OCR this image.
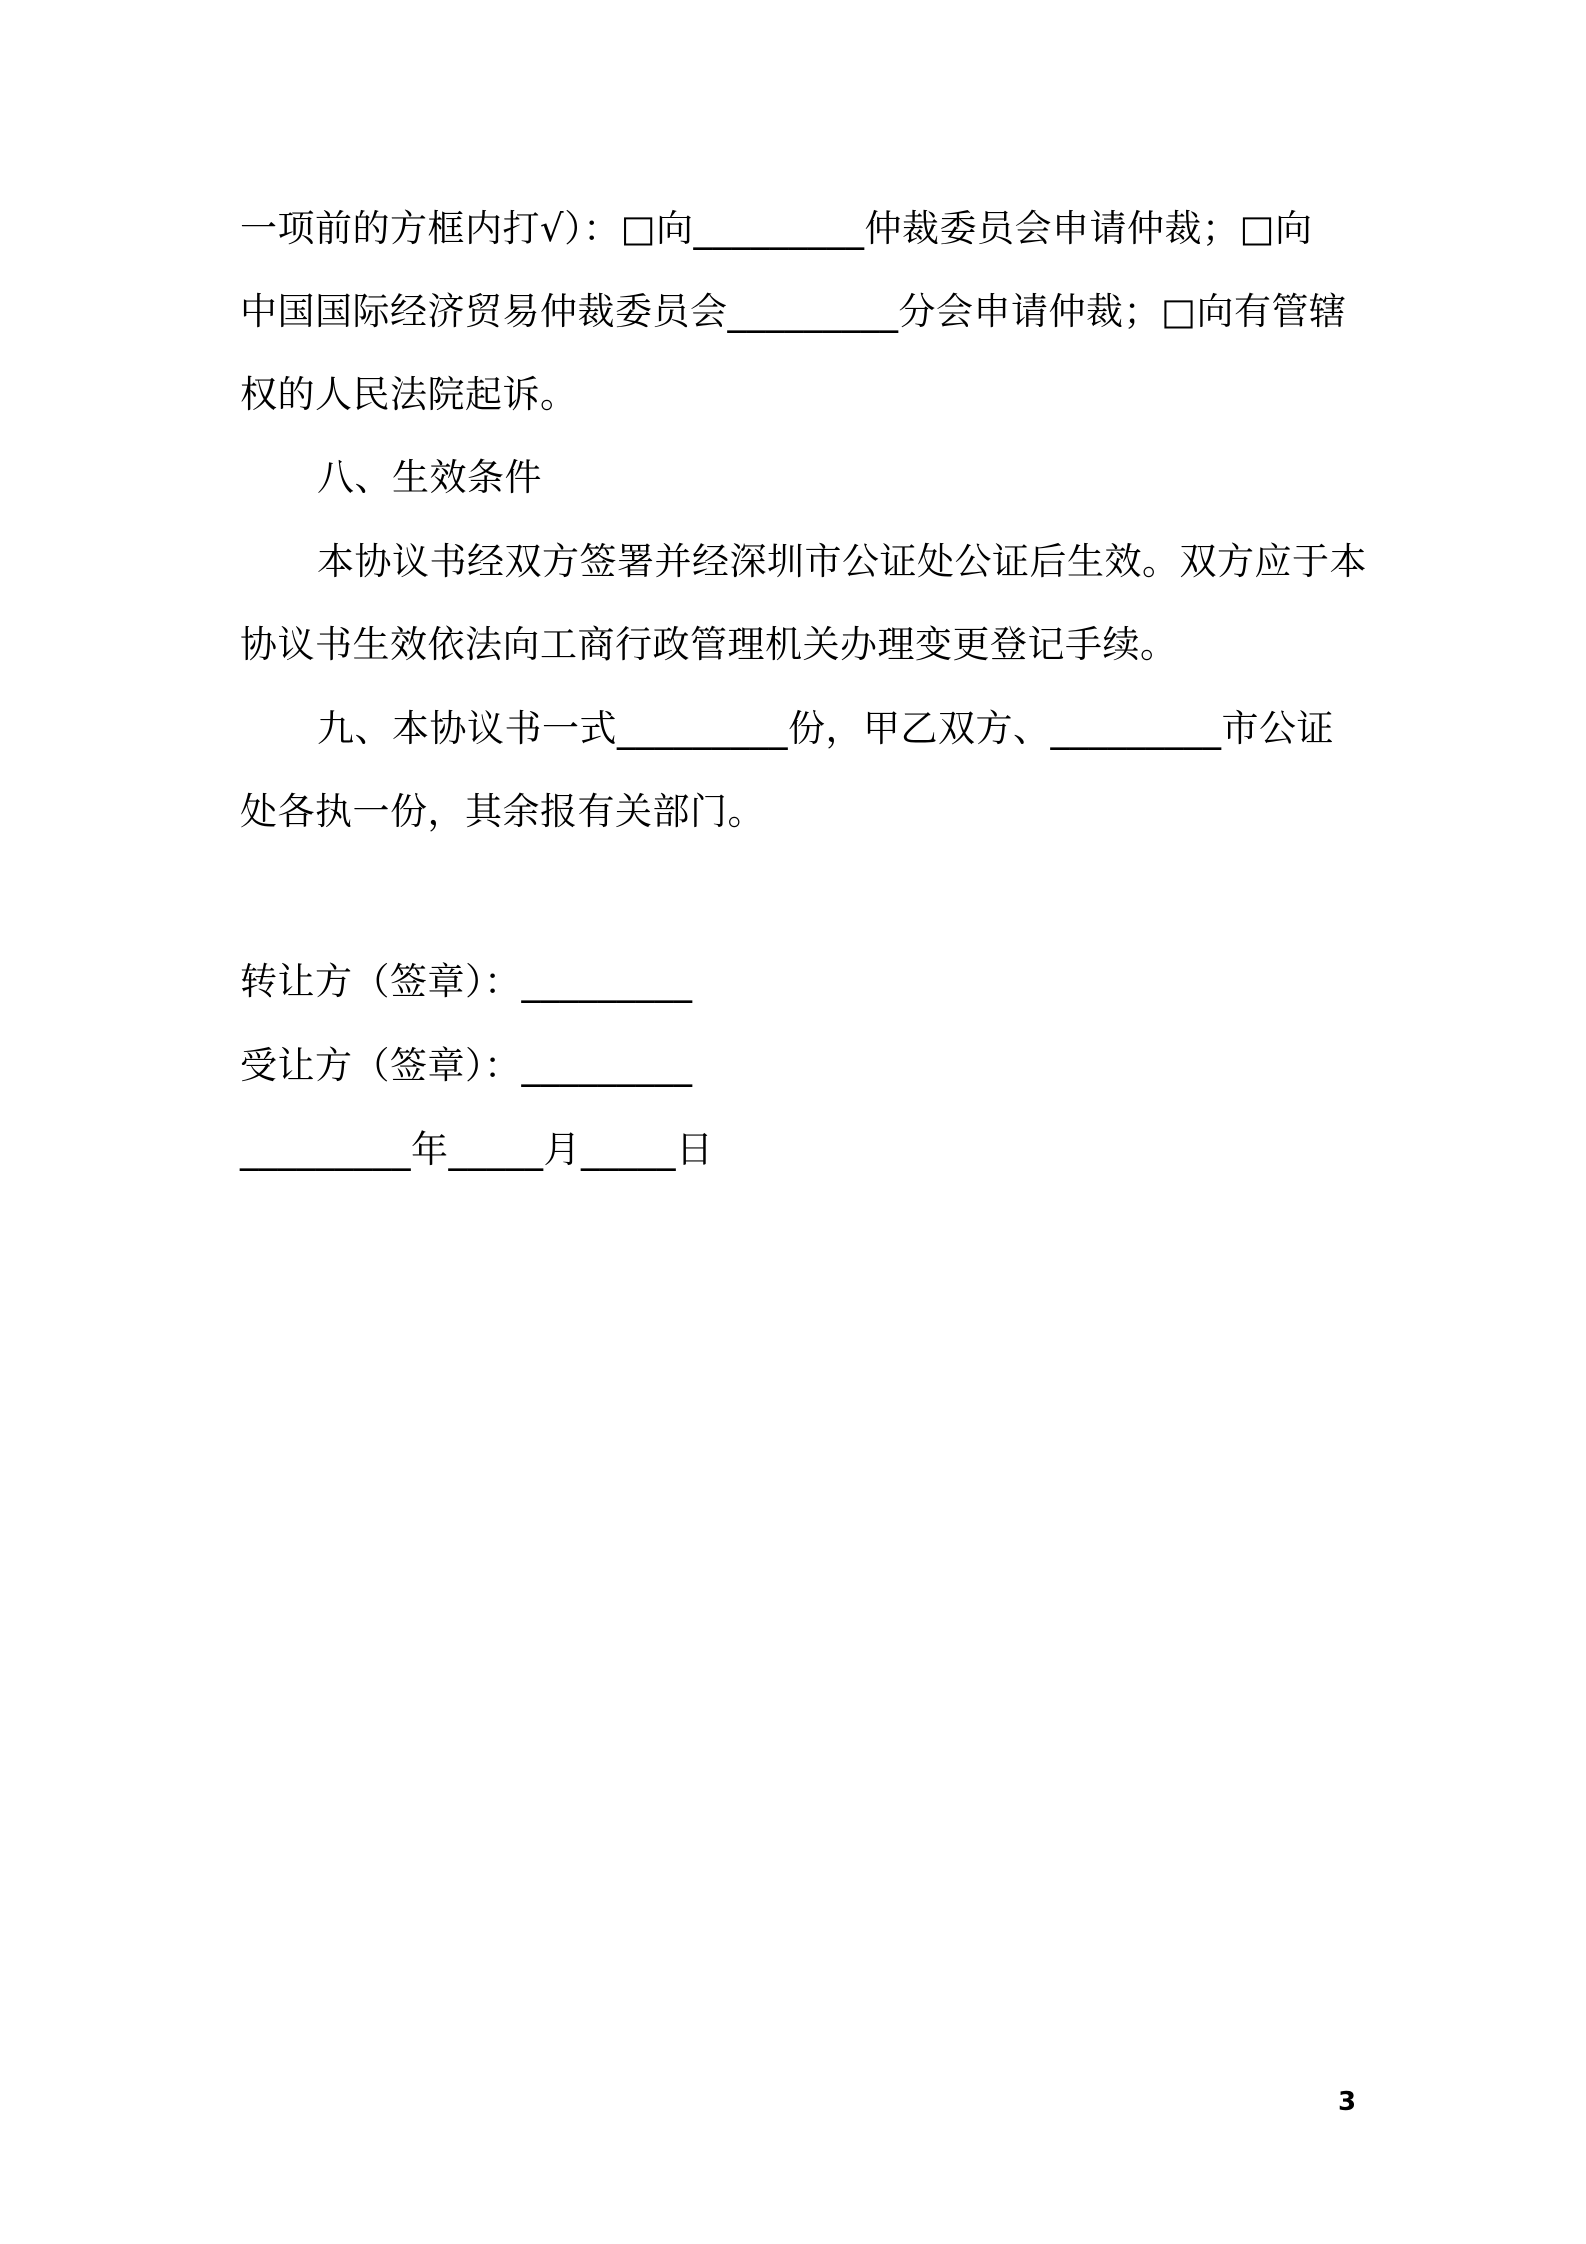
一项前的方框内打√）：□向_________仲裁委员会申请仲裁；□向
中国国际经济贸易仲裁委员会_________分会申请仲裁；□向有管辖
权的人民法院起诉。
八、生效条件
本协议书经双方签署并经深圳市公证处公证后生效。双方应于本
协议书生效依法向工商行政管理机关办理变更登记手续。
九、本协议书一式_________份，甲乙双方、_________市公证
处各执一份，其余报有关部门。
转让方（签章）：_________
受让方（签章）：_________
_________年_____月_____日
3
